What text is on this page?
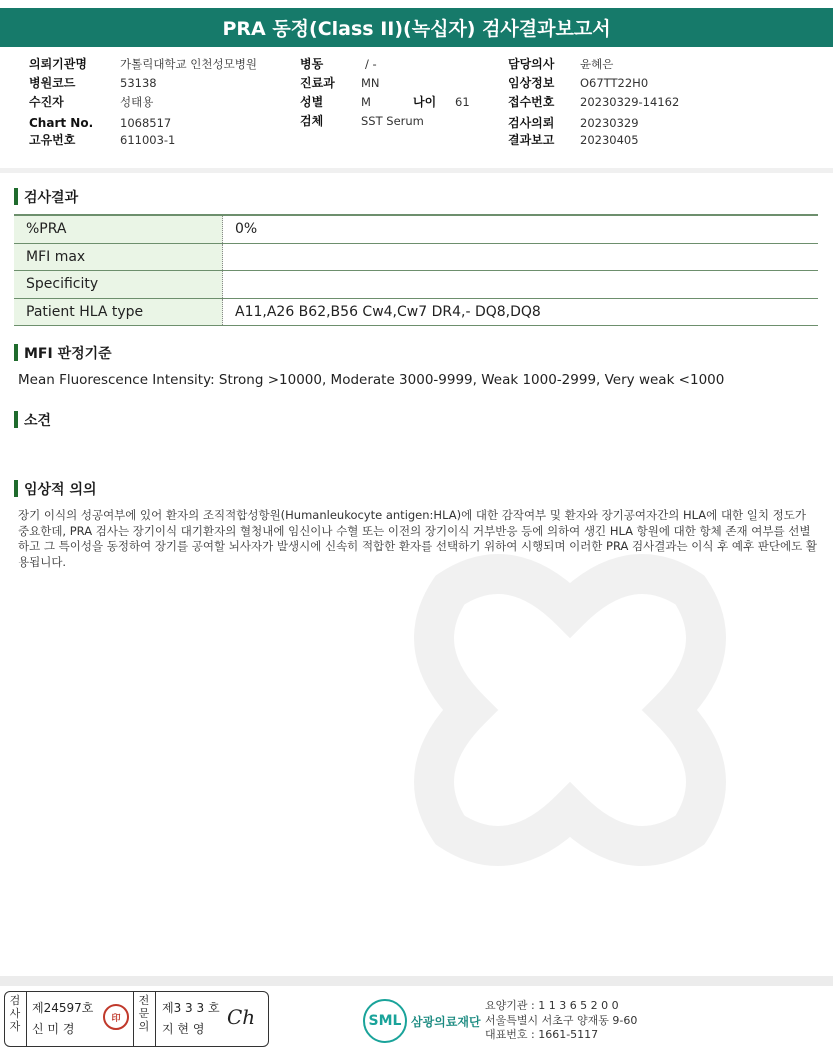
PRA 동정(Class II)(녹십자) 검사결과보고서
의뢰기관명	가톨릭대학교 인천성모병원
병원코드	53138
수진자	성태용
Chart No. 1068517
고유번호	611003-1
병동	/ -
진료과 MN
성별	M	나이 61
검체	SST Serum
담당의사 윤혜은
임상정보 O67TT22H0
접수번호 20230329-14162
검사의뢰 20230329
결과보고 20230405
검사결과
%PRA	0%
MFI max	
Specificity	
Patient HLA type	A11,A26 B62,B56 Cw4,Cw7 DR4,- DQ8,DQ8
MFI 판정기준
Mean Fluorescence Intensity: Strong >10000, Moderate 3000-9999, Weak 1000-2999, Very weak <1000
소견
임상적 의의
장기 이식의 성공여부에 있어 환자의 조직적합성항원(Humanleukocyte antigen:HLA)에 대한 감작여부 및 환자와 장기공여자간의 HLA에 대한 일치 정도가 중요한데, PRA 검사는 장기이식 대기환자의 혈청내에 임신이나 수혈 또는 이전의 장기이식 거부반응 등에 의하여 생긴 HLA 항원에 대한 항체 존재 여부를 선별하고 그 특이성을 동정하여 장기를 공여할 뇌사자가 발생시에 신속히 적합한 환자를 선택하기 위하여 시행되며 이러한 PRA 검사결과는 이식 후 예후 판단에도 활용됩니다.
검사자
제24597호
신 미 경
전문의
제3 3 3 호
지 현 영 Ch
印	SML 삼광의료재단
요양기관 : 1 1 3 6 5 2 0 0
서울특별시 서초구 양재동 9-60
대표번호 : 1661-5117
